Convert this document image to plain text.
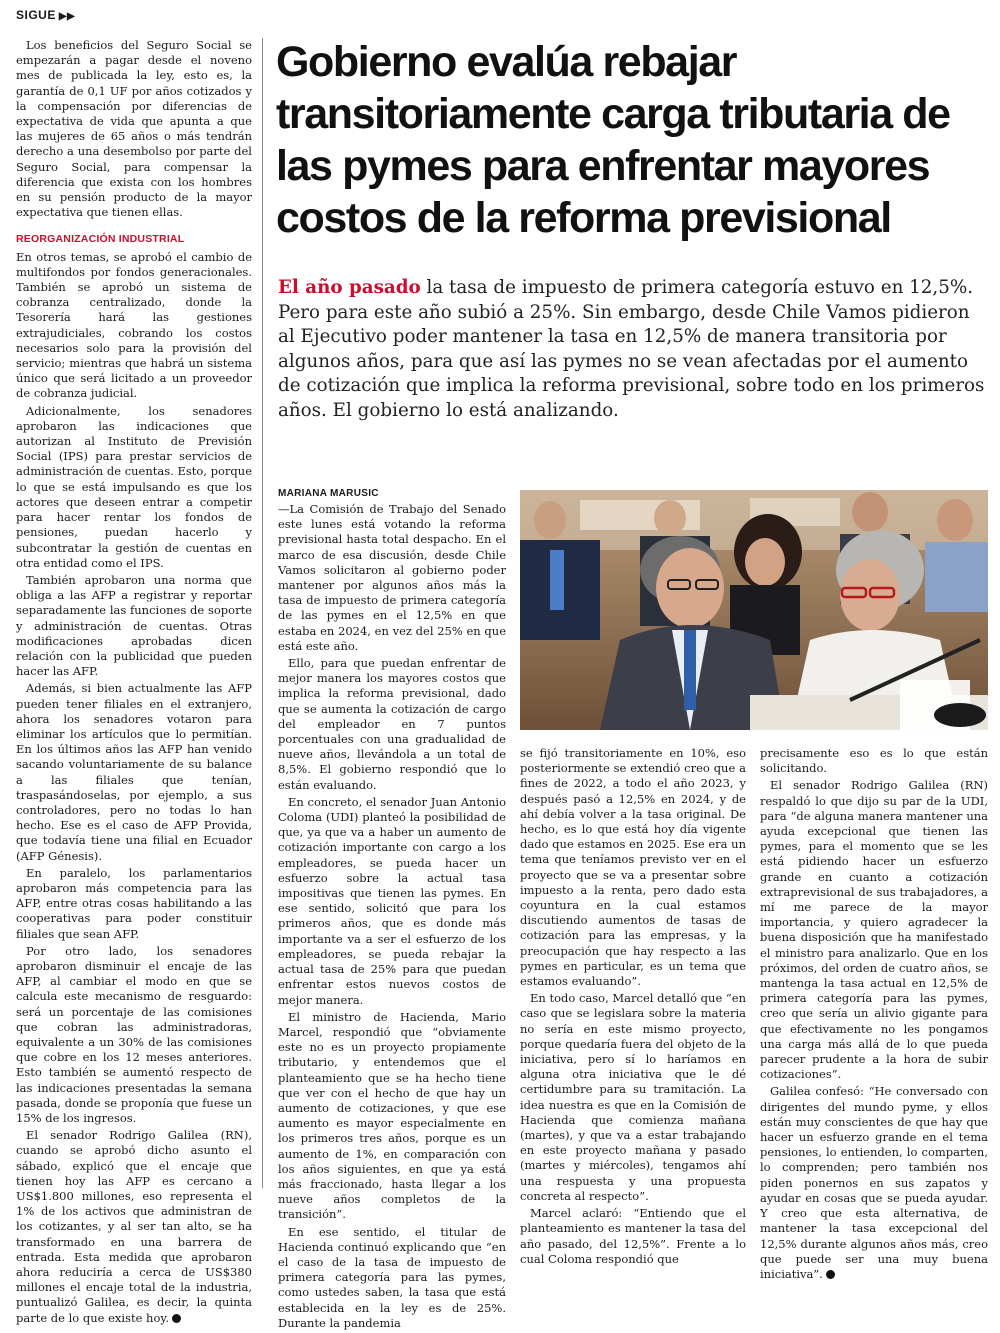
SIGUE ▶▶

Los beneficios del Seguro Social se empezarán a pagar desde el noveno mes de publicada la ley, esto es, la garantía de 0,1 UF por años cotizados y la compensación por diferencias de expectativa de vida que apunta a que las mujeres de 65 años o más tendrán derecho a una desembolso por parte del Seguro Social, para compensar la diferencia que exista con los hombres en su pensión producto de la mayor expectativa que tienen ellas.

REORGANIZACIÓN INDUSTRIAL

En otros temas, se aprobó el cambio de multifondos por fondos generacionales. También se aprobó un sistema de cobranza centralizado, donde la Tesorería hará las gestiones extrajudiciales, cobrando los costos necesarios solo para la provisión del servicio; mientras que habrá un sistema único que será licitado a un proveedor de cobranza judicial.

Adicionalmente, los senadores aprobaron las indicaciones que autorizan al Instituto de Previsión Social (IPS) para prestar servicios de administración de cuentas. Esto, porque lo que se está impulsando es que los actores que deseen entrar a competir para hacer rentar los fondos de pensiones, puedan hacerlo y subcontratar la gestión de cuentas en otra entidad como el IPS.

También aprobaron una norma que obliga a las AFP a registrar y reportar separadamente las funciones de soporte y administración de cuentas. Otras modificaciones aprobadas dicen relación con la publicidad que pueden hacer las AFP.

Además, si bien actualmente las AFP pueden tener filiales en el extranjero, ahora los senadores votaron para eliminar los artículos que lo permitían. En los últimos años las AFP han venido sacando voluntariamente de su balance a las filiales que tenían, traspasándoselas, por ejemplo, a sus controladores, pero no todas lo han hecho. Ese es el caso de AFP Provida, que todavía tiene una filial en Ecuador (AFP Génesis).

En paralelo, los parlamentarios aprobaron más competencia para las AFP, entre otras cosas habilitando a las cooperativas para poder constituir filiales que sean AFP.

Por otro lado, los senadores aprobaron disminuir el encaje de las AFP, al cambiar el modo en que se calcula este mecanismo de resguardo: será un porcentaje de las comisiones que cobran las administradoras, equivalente a un 30% de las comisiones que cobre en los 12 meses anteriores. Esto también se aumentó respecto de las indicaciones presentadas la semana pasada, donde se proponía que fuese un 15% de los ingresos.

El senador Rodrigo Galilea (RN), cuando se aprobó dicho asunto el sábado, explicó que el encaje que tienen hoy las AFP es cercano a US$1.800 millones, eso representa el 1% de los activos que administran de los cotizantes, y al ser tan alto, se ha transformado en una barrera de entrada. Esta medida que aprobaron ahora reduciría a cerca de US$380 millones el encaje total de la industria, puntualizó Galilea, es decir, la quinta parte de lo que existe hoy.

Gobierno evalúa rebajar transitoriamente carga tributaria de las pymes para enfrentar mayores costos de la reforma previsional

El año pasado la tasa de impuesto de primera categoría estuvo en 12,5%. Pero para este año subió a 25%. Sin embargo, desde Chile Vamos pidieron al Ejecutivo poder mantener la tasa en 12,5% de manera transitoria por algunos años, para que así las pymes no se vean afectadas por el aumento de cotización que implica la reforma previsional, sobre todo en los primeros años. El gobierno lo está analizando.

MARIANA MARUSIC

—La Comisión de Trabajo del Senado este lunes está votando la reforma previsional hasta total despacho. En el marco de esa discusión, desde Chile Vamos solicitaron al gobierno poder mantener por algunos años más la tasa de impuesto de primera categoría de las pymes en el 12,5% en que estaba en 2024, en vez del 25% en que está este año.

Ello, para que puedan enfrentar de mejor manera los mayores costos que implica la reforma previsional, dado que se aumenta la cotización de cargo del empleador en 7 puntos porcentuales con una gradualidad de nueve años, llevándola a un total de 8,5%. El gobierno respondió que lo están evaluando.

En concreto, el senador Juan Antonio Coloma (UDI) planteó la posibilidad de que, ya que va a haber un aumento de cotización importante con cargo a los empleadores, se pueda hacer un esfuerzo sobre la actual tasa impositivas que tienen las pymes. En ese sentido, solicitó que para los primeros años, que es donde más importante va a ser el esfuerzo de los empleadores, se pueda rebajar la actual tasa de 25% para que puedan enfrentar estos nuevos costos de mejor manera.

El ministro de Hacienda, Mario Marcel, respondió que “obviamente este no es un proyecto propiamente tributario, y entendemos que el planteamiento que se ha hecho tiene que ver con el hecho de que hay un aumento de cotizaciones, y que ese aumento es mayor especialmente en los primeros tres años, porque es un aumento de 1%, en comparación con los años siguientes, en que ya está más fraccionado, hasta llegar a los nueve años completos de la transición”.

En ese sentido, el titular de Hacienda continuó explicando que “en el caso de la tasa de impuesto de primera categoría para las pymes, como ustedes saben, la tasa que está establecida en la ley es de 25%. Durante la pandemia

se fijó transitoriamente en 10%, eso posteriormente se extendió creo que a fines de 2022, a todo el año 2023, y después pasó a 12,5% en 2024, y de ahí debía volver a la tasa original. De hecho, es lo que está hoy día vigente dado que estamos en 2025. Ese era un tema que teníamos previsto ver en el proyecto que se va a presentar sobre impuesto a la renta, pero dado esta coyuntura en la cual estamos discutiendo aumentos de tasas de cotización para las empresas, y la preocupación que hay respecto a las pymes en particular, es un tema que estamos evaluando”.

En todo caso, Marcel detalló que “en caso que se legislara sobre la materia no sería en este mismo proyecto, porque quedaría fuera del objeto de la iniciativa, pero sí lo haríamos en alguna otra iniciativa que le dé certidumbre para su tramitación. La idea nuestra es que en la Comisión de Hacienda que comienza mañana (martes), y que va a estar trabajando en este proyecto mañana y pasado (martes y miércoles), tengamos ahí una respuesta y una propuesta concreta al respecto”.

Marcel aclaró: “Entiendo que el planteamiento es mantener la tasa del año pasado, del 12,5%”. Frente a lo cual Coloma respondió que

precisamente eso es lo que están solicitando.

El senador Rodrigo Galilea (RN) respaldó lo que dijo su par de la UDI, para “de alguna manera mantener una ayuda excepcional que tienen las pymes, para el momento que se les está pidiendo hacer un esfuerzo grande en cuanto a cotización extraprevisional de sus trabajadores, a mí me parece de la mayor importancia, y quiero agradecer la buena disposición que ha manifestado el ministro para analizarlo. Que en los próximos, del orden de cuatro años, se mantenga la tasa actual en 12,5% de primera categoría para las pymes, creo que sería un alivio gigante para que efectivamente no les pongamos una carga más allá de lo que pueda parecer prudente a la hora de subir cotizaciones”.

Galilea confesó: “He conversado con dirigentes del mundo pyme, y ellos están muy conscientes de que hay que hacer un esfuerzo grande en el tema pensiones, lo entienden, lo comparten, lo comprenden; pero también nos piden ponernos en sus zapatos y ayudar en cosas que se pueda ayudar. Y creo que esta alternativa, de mantener la tasa excepcional del 12,5% durante algunos años más, creo que puede ser una muy buena iniciativa”.
